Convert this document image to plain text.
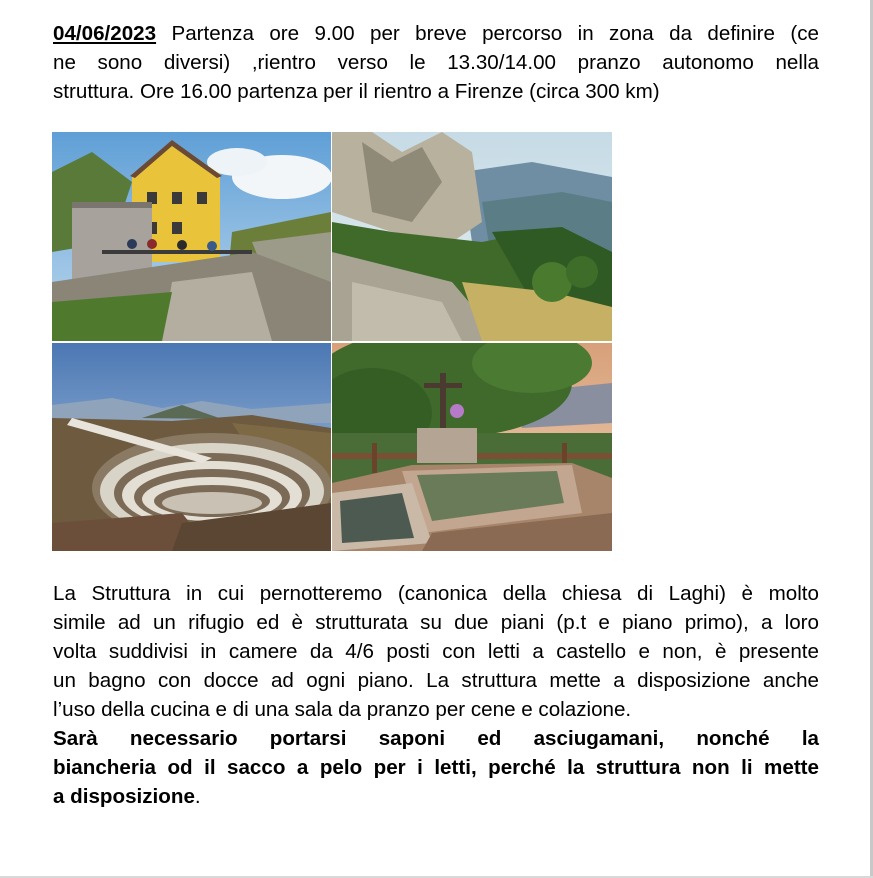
04/06/2023 Partenza ore 9.00 per breve percorso in zona da definire (ce
ne sono diversi) ,rientro verso le 13.30/14.00 pranzo autonomo nella
struttura. Ore 16.00 partenza per il rientro a Firenze (circa 300 km)
La Struttura in cui pernotteremo (canonica della chiesa di Laghi) è molto
simile ad un rifugio ed è strutturata su due piani (p.t e piano primo), a loro
volta suddivisi in camere da 4/6 posti con letti a castello e non, è presente
un bagno con docce ad ogni piano. La struttura mette a disposizione anche
l’uso della cucina e di una sala da pranzo per cene e colazione.
Sarà necessario portarsi saponi ed asciugamani, nonché la
biancheria od il sacco a pelo per i letti, perché la struttura non li mette
a disposizione.
